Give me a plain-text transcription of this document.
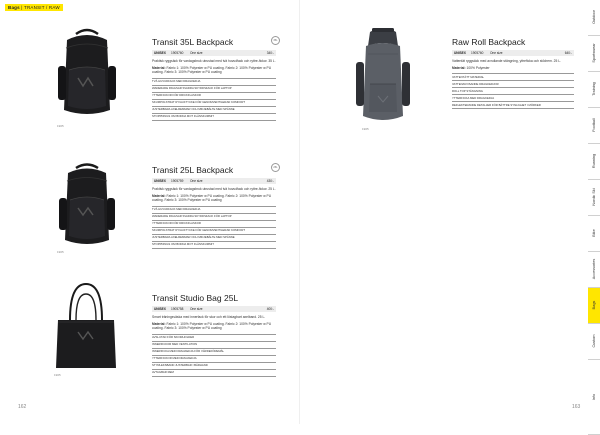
Bags | TRANSIT / RAW
1905
Transit 35L Backpack
UNISEX	1905760	One size	340:-
Praktisk ryggsäck för vardagsbruk utrustad med tvä huvudfack och ryttre-fickor. 35 L.
Material: Fabric 1: 100% Polyester w PU coating. Fabric 2: 100% Polyester w PU coating. Fabric 3: 100% Polyester w PU coating
TVÅ HUVUDFACK MED DRAGKEDJA
WADERADE RIGGSAR SVADRA SKYDDSFACK FÖR LAPTOP
YTTERFICKOR FÖR DRICKFLASKOR
SKUMPOLSTRAT RYGGSTYCKE FÖR GENOMVENTILERAD KOMFORT
JUSTERBARA AXELREMMAR OCH MIDJEBÄLTE MED SPÄNNE
STOPPNINGS OM BODNA MOT FLÄNSKUMMIT
35L
1905
Transit 25L Backpack
UNISEX	1905759	One size	430:-
Praktisk ryggsäck för vardagsbruk utrustad med tvä huvudfack och ryttre-fickor. 25 L.
Material: Fabric 1: 100% Polyester w PU coating. Fabric 2: 100% Polyester w PU coating. Fabric 3: 100% Polyester w PU coating
TVÅ HUVUDFACK MED DRAGKEDJA
WADERADE RIGGSAR SVADRA SKYDDSFACK FÖR LAPTOP
YTTERFICKOR FÖR DRICKFLASKOR
SKUMPOLSTRAT RYGGSTYCKE FÖR GENOMVENTILERAD KOMFORT
JUSTERBARA AXELREMMAR OCH MIDJEBÄLTE MED SPÄNNE
STOPPNINGS OM BODNA MOT FLÄNSKUMMIT
25L
1905
Transit Studio Bag 25L
UNISEX	1905758	One size	400:-
Smart träningsväska med innerfack för skor och ett löstagbart axelband. 25 L.
Material: Fabric 1: 100% Polyester w PU coating. Fabric 2: 100% Polyester w PU coating. Fabric 3: 100% Polyester w PU coating
AVSLUTAD FÖR SKOR/HOLDER
INNERFICKOR MED VENTILATION
INNERFICKA MED DRAGKEDJA FÖR VÄRDEFÖREMÅL
YTTERFICKOR MED DRAGKEDJA
STYRLEKSBAND JUSTERBAR I BÄRHAND
AVTAGBAR REM
162
1905
Raw Roll Backpack
UNISEX	1905760	One size	640:-
Vattentät ryggsäck med avrullande stängning, yttreficka och stödrem. 25 L.
Material: 100% Polyester
VATTENTÄTT MATERIAL
VATTENAVVISANDE DRAGKEDJOR
ROLL TOP STÄNGNING
YTTERFICKA MED DRAGKEDJA
REFLEKTERANDE DETALJER FÖR BÄTTRE SYNLIGHET I MÖRKER
163
Outdoor
Sportswear
Training
Football
Running
Nordic Ski
Bike
Accessories
Bags
Custom
Info
